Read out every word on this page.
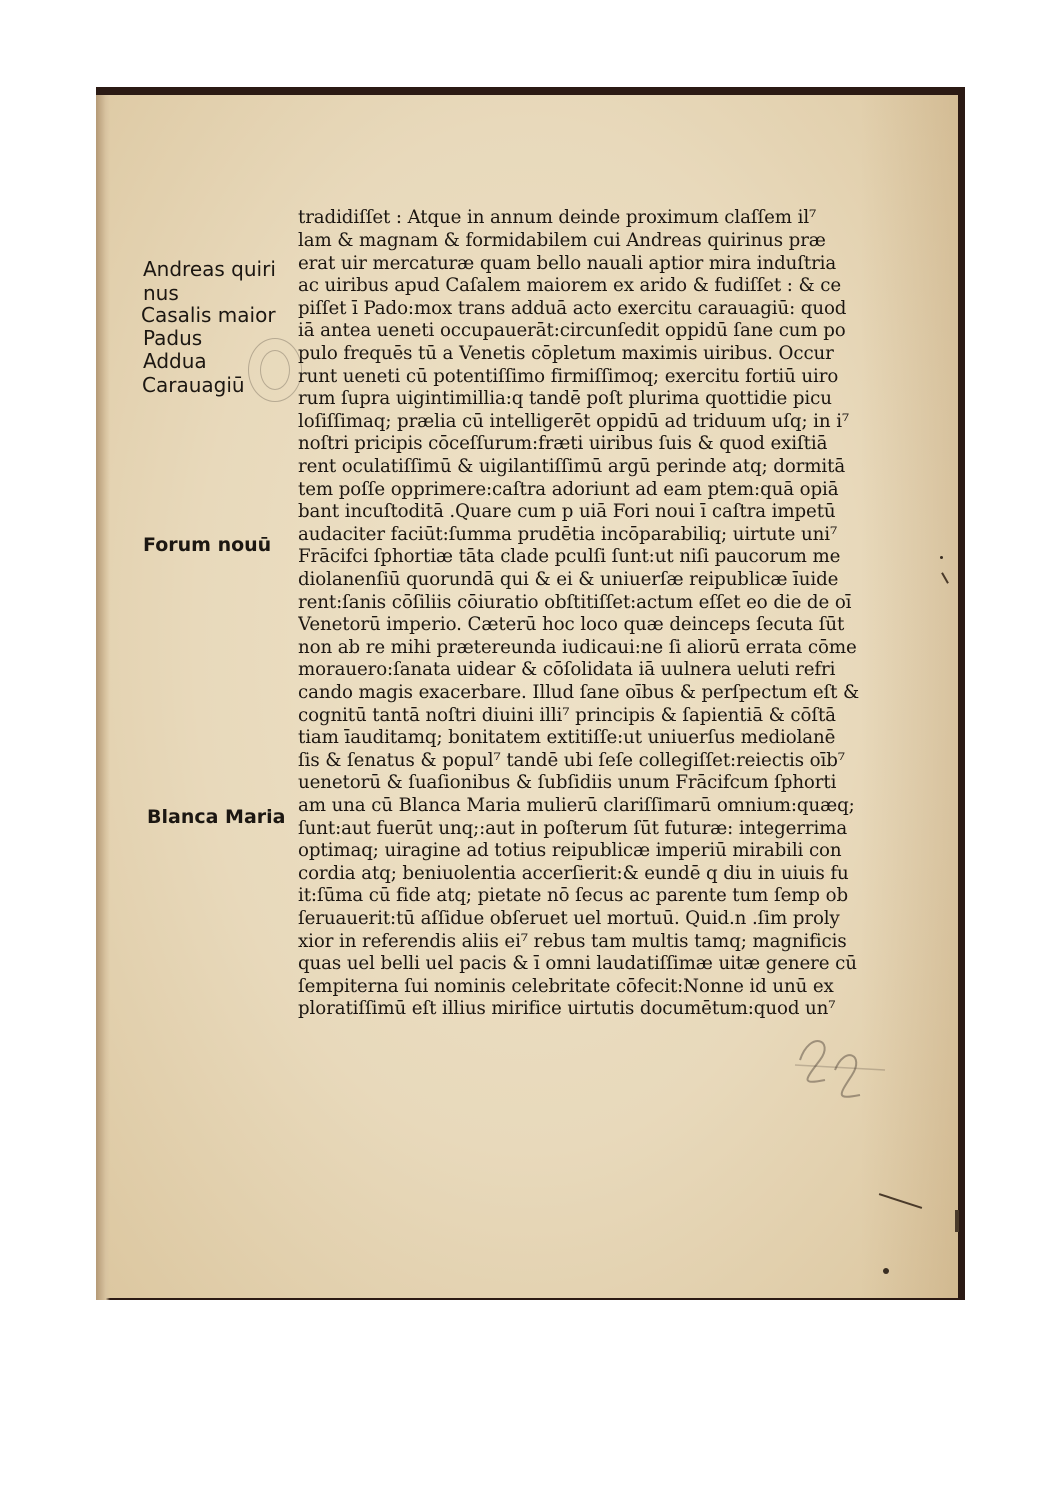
Andreas quiri
nus
Casalis maior
Padus
Addua
Carauagiū
Forum nouū
Blanca Maria
tradidiſſet : Atque in annum deinde proximum claſſem il⁷
lam & magnam & formidabilem cui Andreas quirinus præ
erat uir mercaturæ quam bello nauali aptior mira induſtria
ac uiribus apud Caſalem maiorem ex arido & fudiſſet : & ce
piſſet ī Pado:mox trans adduā acto exercitu carauagiū: quod
iā antea ueneti occupauerāt:circunſedit oppidū ſane cum po
pulo frequēs tū a Venetis cōpletum maximis uiribus. Occur
runt ueneti cū potentiſſimo firmiſſimoq; exercitu fortiū uiro
rum ſupra uigintimillia:q tandē poſt plurima quottidie picu
loſiſſimaq; prælia cū intelligerēt oppidū ad triduum uſq; in i⁷
noſtri pricipis cōceſſurum:fræti uiribus ſuis & quod exiſtiā
rent oculatiſſimū & uigilantiſſimū argū perinde atq; dormitā
tem poſſe opprimere:caſtra adoriunt ad eam ptem:quā opiā
bant incuſtoditā .Quare cum p uiā Fori noui ī caſtra impetū
audaciter faciūt:ſumma prudētia incōparabiliq; uirtute uni⁷
Frācifci ſphortiæ tāta clade pculſi ſunt:ut niſi paucorum me
diolanenſiū quorundā qui & ei & uniuerſæ reipublicæ īuide
rent:ſanis cōſiliis cōiuratio obſtitiſſet:actum eſſet eo die de oī
Venetorū imperio. Cæterū hoc loco quæ deinceps ſecuta ſūt
non ab re mihi prætereunda iudicaui:ne ſi aliorū errata cōme
morauero:ſanata uidear & cōſolidata iā uulnera ueluti refri
cando magis exacerbare. Illud ſane oībus & perſpectum eſt &
cognitū tantā noſtri diuini illi⁷ principis & ſapientiā & cōſtā
tiam īauditamq; bonitatem extitiſſe:ut uniuerſus mediolanē
ſis & ſenatus & popul⁷ tandē ubi ſeſe collegiſſet:reiectis oīb⁷
uenetorū & ſuaſionibus & ſubſidiis unum Frācifcum ſphorti
am una cū Blanca Maria mulierū clariſſimarū omnium:quæq;
ſunt:aut fuerūt unq;:aut in poſterum ſūt futuræ: integerrima
optimaq; uiragine ad totius reipublicæ imperiū mirabili con
cordia atq; beniuolentia accerſierit:& eundē q diu in uiuis fu
it:ſūma cū fide atq; pietate nō ſecus ac parente tum ſemp ob
ſeruauerit:tū aſſidue obſeruet uel mortuū. Quid.n .ſim proly
xior in referendis aliis ei⁷ rebus tam multis tamq; magnificis
quas uel belli uel pacis & ī omni laudatiſſimæ uitæ genere cū
ſempiterna ſui nominis celebritate cōfecit:Nonne id unū ex
ploratiſſimū eſt illius mirifice uirtutis documētum:quod un⁷
